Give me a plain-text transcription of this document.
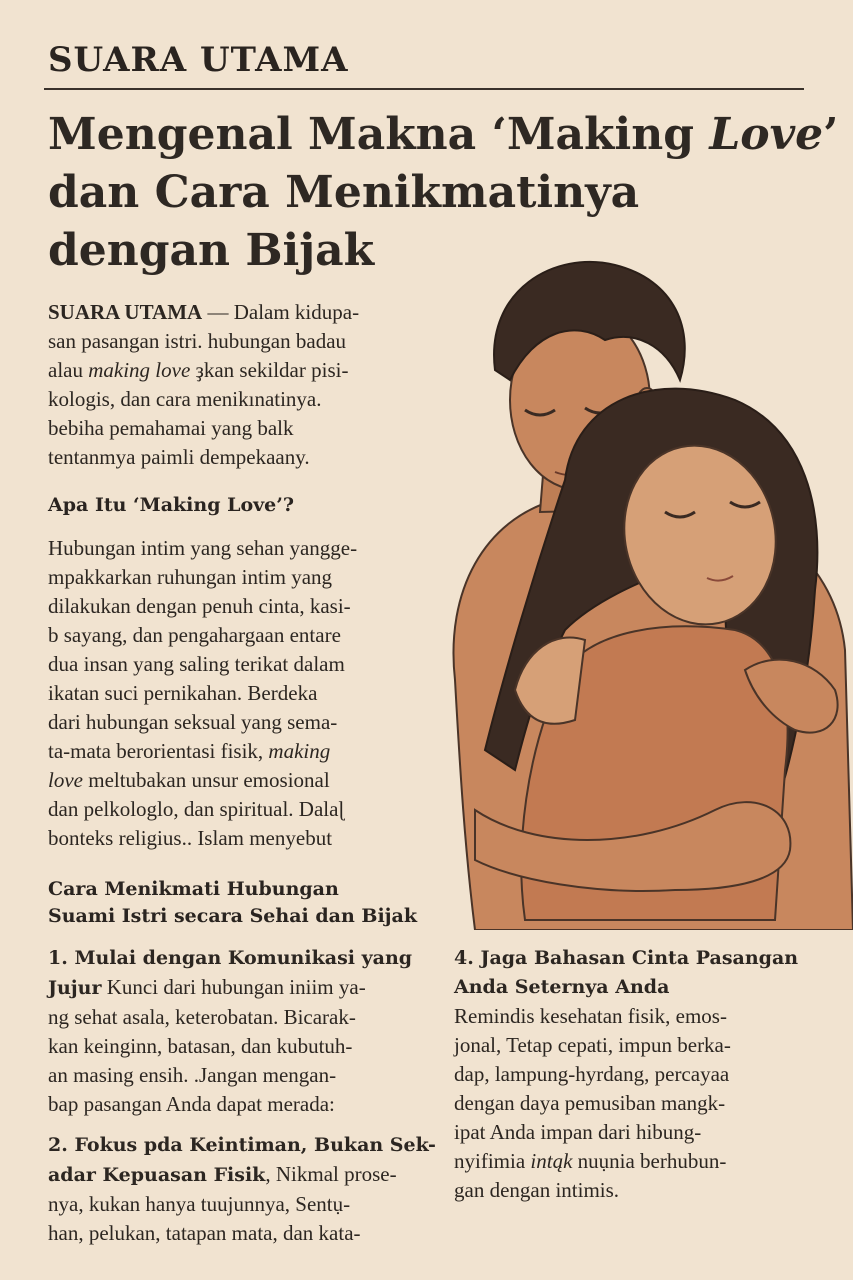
SUARA UTAMA
Mengenal Makna ‘Making Love’
dan Cara Menikmatinya
dengan Bijak
SUARA UTAMA — Dalam kidupa-
san pasangan istri. hubungan badau
alau making love ҙkan sekildar pisi-
kologis, dan cara menikınatinya.
bebiha pemahamai yang balk
tentanmya paimli dempekaany.
Apa Itu ‘Making Love’?
Hubungan intim yang sehan yangge-
mpakkarkan ruhungan intim yang
dilakukan dengan penuh cinta, kasi-
b sayang, dan pengahargaan entare
dua insan yang saling terikat dalam
ikatan suci pernikahan. Berdeka
dari hubungan seksual yang sema-
ta-mata berorientasi fisik, making
love meltubakan unsur emosional
dan pelkologlo, dan spiritual. Dalaɭ
bonteks religius.. Islam menyebut
Cara Menikmati Hubungan
Suami Istri secara Sehai dan Bijak
1. Mulai dengan Komunikasi yang
Jujur Kunci dari hubungan iniim ya-
ng sehat asala, keterobatan. Bicarak-
kan keinginn, batasan, dan kubutuh-
an masing ensih. .Jangan mengan-
bap pasangan Anda dapat merada:
2. Fokus pda Keintiman, Bukan Sek-
adar Kepuasan Fisik, Nikmal prose-
nya, kukan hanya tuujunnya, Sentụ-
han, pelukan, tatapan mata, dan kata-
4. Jaga Bahasan Cinta Pasangan
Anda Seternya Anda
Remindis kesehatan fisik, emos-
jonal, Tetap cepati, impun berka-
dap, lampung-hyrdang, percayaa
dengan daya pemusiban mangk-
ipat Anda impan dari hibung-
nyifimia intąk nuụnia berhubun-
gan dengan intimis.
